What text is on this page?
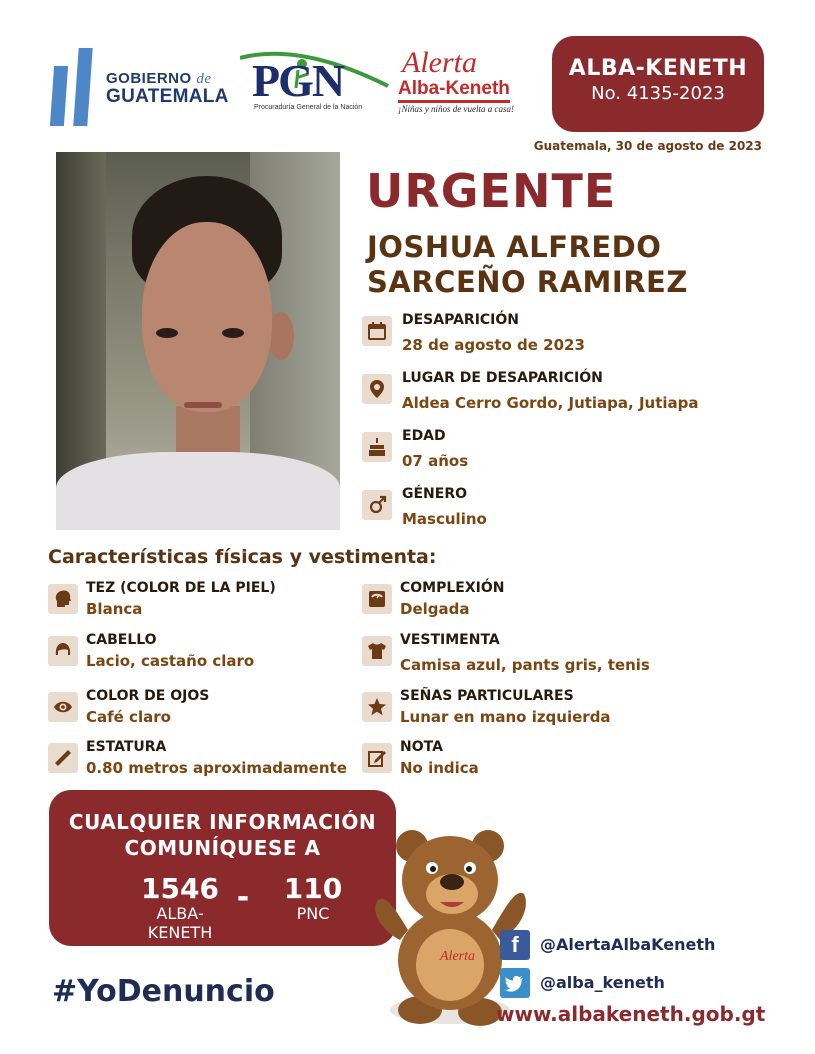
GOBIERNO de
GUATEMALA PGN
Procuraduría General de la Nación
Alerta
Alba-Keneth
¡Niñas y niños de vuelta a casa!
ALBA-KENETH
No. 4135-2023
Guatemala, 30 de agosto de 2023
URGENTE
JOSHUA ALFREDO
SARCEÑO RAMIREZ
DESAPARICIÓN
28 de agosto de 2023
LUGAR DE DESAPARICIÓN
Aldea Cerro Gordo, Jutiapa, Jutiapa
EDAD
07 años
GÉNERO
Masculino
Características físicas y vestimenta:
TEZ (COLOR DE LA PIEL)
Blanca
CABELLO
Lacio, castaño claro
COLOR DE OJOS
Café claro
ESTATURA
0.80 metros aproximadamente
COMPLEXIÓN
Delgada
VESTIMENTA
Camisa azul, pants gris, tenis
SEÑAS PARTICULARES
Lunar en mano izquierda
NOTA
No indica
CUALQUIER INFORMACIÓN
COMUNÍQUESE A
1546
ALBA-KENETH
-	110
PNC
#YoDenuncio
Alerta	f	@AlertaAlbaKeneth
@alba_keneth
www.albakeneth.gob.gt
